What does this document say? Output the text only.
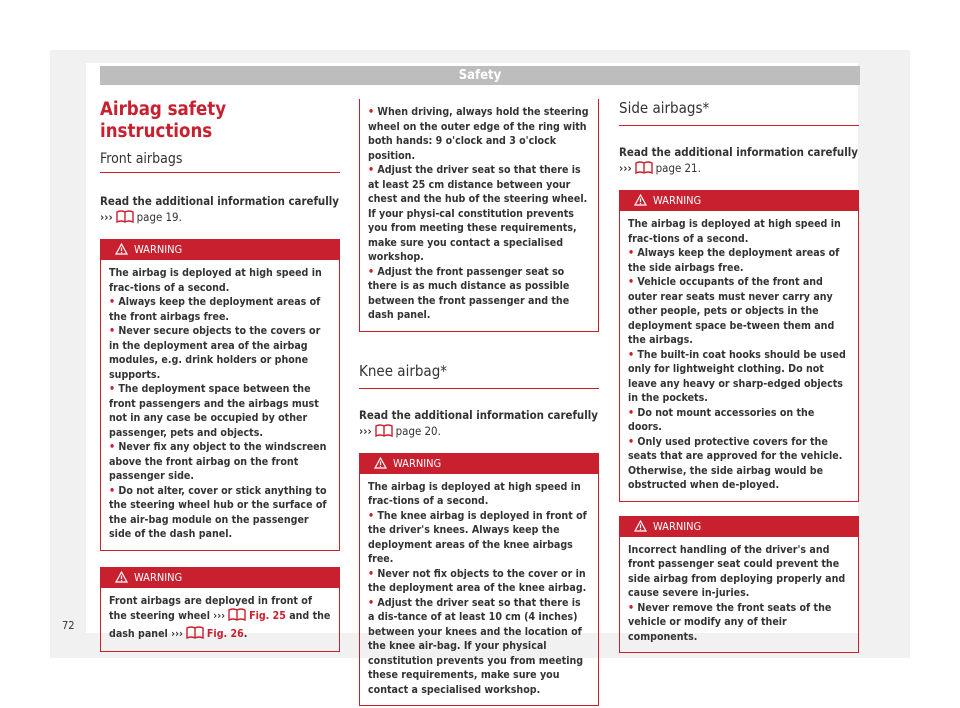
Safety
Airbag safety instructions
Front airbags
Read the additional information carefully
››› page 19.
WARNING

The airbag is deployed at high speed in frac-tions of a second.

• Always keep the deployment areas of the front airbags free.

• Never secure objects to the covers or in the deployment area of the airbag modules, e.g. drink holders or phone supports.

• The deployment space between the front passengers and the airbags must not in any case be occupied by other passenger, pets and objects.

• Never fix any object to the windscreen above the front airbag on the front passenger side.

• Do not alter, cover or stick anything to the steering wheel hub or the surface of the air-bag module on the passenger side of the dash panel.

WARNING

Front airbags are deployed in front of the steering wheel ››› Fig. 25 and the dash panel ››› Fig. 26.

• When driving, always hold the steering wheel on the outer edge of the ring with both hands: 9 o'clock and 3 o'clock position.

• Adjust the driver seat so that there is at least 25 cm distance between your chest and the hub of the steering wheel. If your physi-cal constitution prevents you from meeting these requirements, make sure you contact a specialised workshop.

• Adjust the front passenger seat so there is as much distance as possible between the front passenger and the dash panel.

Knee airbag*
Read the additional information carefully
››› page 20.
WARNING

The airbag is deployed at high speed in frac-tions of a second.

• The knee airbag is deployed in front of the driver's knees. Always keep the deployment areas of the knee airbags free.

• Never not fix objects to the cover or in the deployment area of the knee airbag.

• Adjust the driver seat so that there is a dis-tance of at least 10 cm (4 inches) between your knees and the location of the knee air-bag. If your physical constitution prevents you from meeting these requirements, make sure you contact a specialised workshop.

Side airbags*
Read the additional information carefully
››› page 21.
WARNING

The airbag is deployed at high speed in frac-tions of a second.

• Always keep the deployment areas of the side airbags free.

• Vehicle occupants of the front and outer rear seats must never carry any other people, pets or objects in the deployment space be-tween them and the airbags.

• The built-in coat hooks should be used only for lightweight clothing. Do not leave any heavy or sharp-edged objects in the pockets.

• Do not mount accessories on the doors.

• Only used protective covers for the seats that are approved for the vehicle. Otherwise, the side airbag would be obstructed when de-ployed.

WARNING

Incorrect handling of the driver's and front passenger seat could prevent the side airbag from deploying properly and cause severe in-juries.

• Never remove the front seats of the vehicle or modify any of their components.

72
